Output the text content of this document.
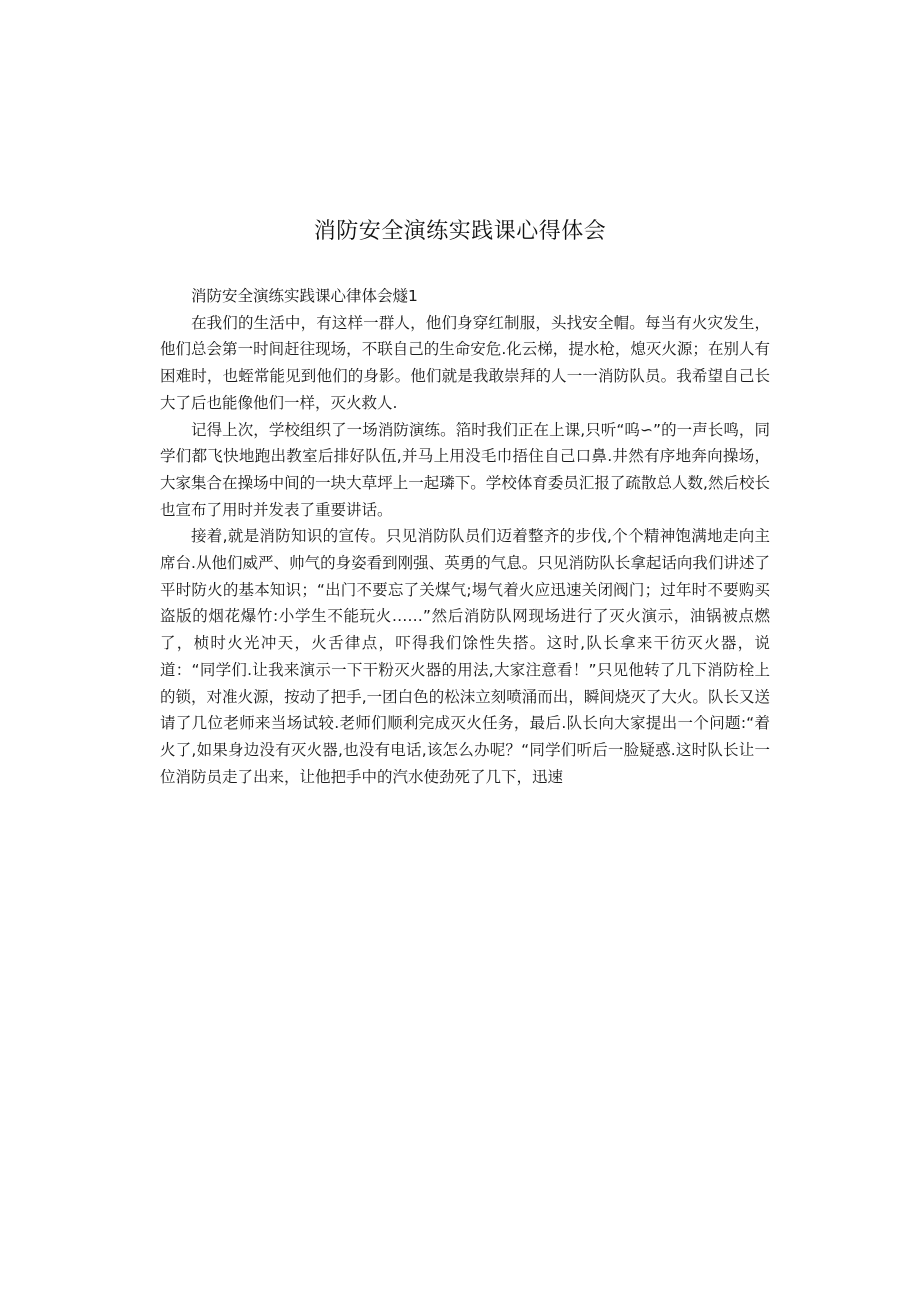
消防安全演练实践课心得体会

消防安全演练实践课心律体会燧1

在我们的生活中，有这样一群人，他们身穿红制服，头找安全帽。每当有火灾发生，他们总会第一时间赶往现场，不联自己的生命安危.化云梯，提水枪，熄灭火源；在别人有困难时，也蛭常能见到他们的身影。他们就是我敢崇拜的人一一消防队员。我希望自己长大了后也能像他们一样，灭火救人.

记得上次，学校组织了一场消防演练。箔时我们正在上课,只听“呜∽”的一声长鸣，同学们都飞快地跑出教室后排好队伍,并马上用没毛巾捂住自己口鼻.井然有序地奔向操场，大家集合在操场中间的一块大草坪上一起璘下。学校体育委员汇报了疏散总人数,然后校长也宣布了用时并发表了重要讲话。

接着,就是消防知识的宣传。只见消防队员们迈着整齐的步伐,个个精神饱满地走向主席台.从他们威严、帅气的身姿看到刚强、英勇的气息。只见消防队长拿起话向我们讲述了平时防火的基本知识；“出门不要忘了关煤气;埸气着火应迅速关闭阀门；过年时不要购买盗版的烟花爆竹:小学生不能玩火……”然后消防队网现场进行了灭火演示，油锅被点燃了，桢时火光冲天，火舌律点，吓得我们馀性失搭。这时,队长拿来干彷灭火器，说道：“同学们.让我来演示一下干粉灭火器的用法,大家注意看！”只见他转了几下消防栓上的锁，对准火源，按动了把手,一团白色的松沫立刻喷涌而出，瞬间烧灭了大火。队长又送请了几位老师来当场试较.老师们顺利完成灭火任务，最后.队长向大家提出一个问题:“着火了,如果身边没有灭火器,也没有电话,该怎么办呢？“同学们听后一脸疑惑.这时队长让一位消防员走了出来，让他把手中的汽水使劲死了几下，迅速
